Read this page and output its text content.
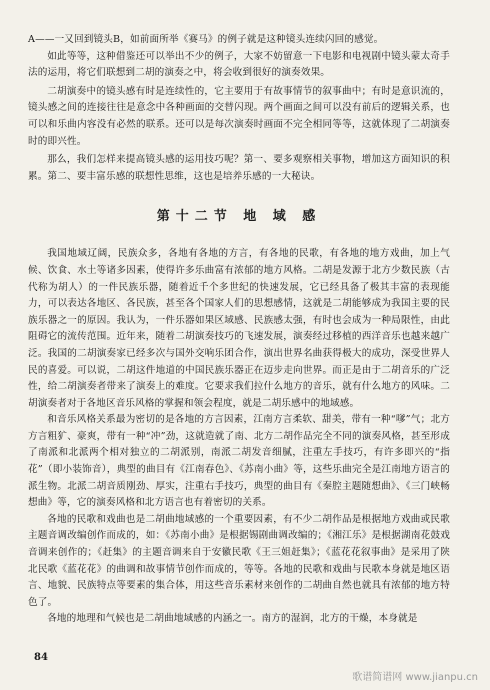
A——一又回到镜头B，如前面所举《赛马》的例子就是这种镜头连续闪回的感觉。

如此等等，这种借鉴还可以举出不少的例子，大家不妨留意一下电影和电视剧中镜头蒙太奇手法的运用，将它们联想到二胡的演奏之中，将会收到很好的演奏效果。

二胡演奏中的镜头感有时是连续性的，它主要用于有故事情节的叙事曲中；有时是意识流的，镜头感之间的连接往往是意念中各种画面的交替闪现。两个画面之间可以没有前后的逻辑关系，也可以和乐曲内容没有必然的联系。还可以是每次演奏时画面不完全相同等等，这就体现了二胡演奏时的即兴性。

那么，我们怎样来提高镜头感的运用技巧呢？第一、要多观察相关事物，增加这方面知识的积累。第二、要丰富乐感的联想性思维，这也是培养乐感的一大秘诀。

第十二节 地 域 感

我国地域辽阔，民族众多，各地有各地的方言，有各地的民歌，有各地的地方戏曲，加上气候、饮食、水土等诸多因素，使得许多乐曲富有浓郁的地方风格。二胡是发源于北方少数民族（古代称为胡人）的一件民族乐器，随着近千个多世纪的快速发展，它已经具备了极其丰富的表现能力，可以表达各地区、各民族，甚至各个国家人们的思想感情，这就是二胡能够成为我国主要的民族乐器之一的原因。我认为，一件乐器如果区域感、民族感太强，有时也会成为一种局限性，由此阻碍它的流传范围。近年来，随着二胡演奏技巧的飞速发展，演奏经过移植的西洋音乐也越来越广泛。我国的二胡演奏家已经多次与国外交响乐团合作，演出世界名曲获得极大的成功，深受世界人民的喜爱。可以说，二胡这件地道的中国民族乐器正在迈步走向世界。而正是由于二胡音乐的广泛性，给二胡演奏者带来了演奏上的难度。它要求我们拉什么地方的音乐，就有什么地方的风味。二胡演奏者对于各地区音乐风格的掌握和领会程度，就是二胡乐感中的地域感。

和音乐风格关系最为密切的是各地的方言因素，江南方言柔软、甜美，带有一种“嗲”气；北方方言粗犷、豪爽，带有一种“冲”劲，这就造就了南、北方二胡作品完全不同的演奏风格，甚至形成了南派和北派两个相对独立的二胡派别，南派二胡发音细腻，注重左手技巧，有许多即兴的“指花”（即小装饰音），典型的曲目有《江南春色》、《苏南小曲》等，这些乐曲完全是江南地方语言的派生物。北派二胡音质刚劲、厚实，注重右手技巧，典型的曲目有《秦腔主题随想曲》、《三门峡畅想曲》等，它的演奏风格和北方语言也有着密切的关系。

各地的民歌和戏曲也是二胡曲地域感的一个重要因素，有不少二胡作品是根据地方戏曲或民歌主题音调改编创作而成的，如：《苏南小曲》是根据锡剧曲调改编的；《湘江乐》是根据湖南花鼓戏音调来创作的；《赶集》的主题音调来自于安徽民歌《王三姐赶集》；《蓝花花叙事曲》是采用了陕北民歌《蓝花花》的曲调和故事情节创作而成的，等等。各地的民歌和戏曲与民歌本身就是地区语言、地貌、民族特点等要素的集合体，用这些音乐素材来创作的二胡曲自然也就具有浓郁的地方特色了。

各地的地理和气候也是二胡曲地域感的内涵之一。南方的湿润，北方的干燥，本身就是

84
歌谱简谱网 www.jianpu.cn
